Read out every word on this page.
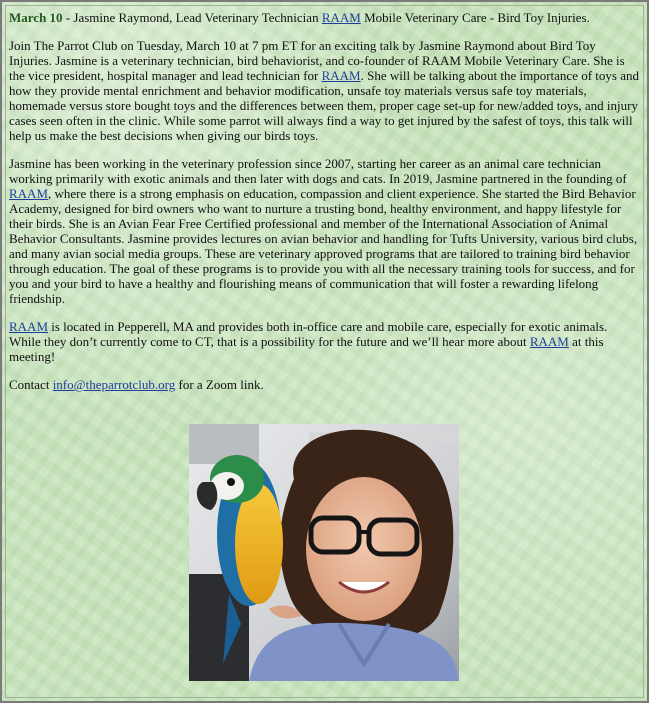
March 10 - Jasmine Raymond, Lead Veterinary Technician RAAM Mobile Veterinary Care - Bird Toy Injuries.

Join The Parrot Club on Tuesday, March 10 at 7 pm ET for an exciting talk by Jasmine Raymond about Bird Toy Injuries. Jasmine is a veterinary technician, bird behaviorist, and co-founder of RAAM Mobile Veterinary Care. She is the vice president, hospital manager and lead technician for RAAM. She will be talking about the importance of toys and how they provide mental enrichment and behavior modification, unsafe toy materials versus safe toy materials, homemade versus store bought toys and the differences between them, proper cage set-up for new/added toys, and injury cases seen often in the clinic. While some parrot will always find a way to get injured by the safest of toys, this talk will help us make the best decisions when giving our birds toys.

Jasmine has been working in the veterinary profession since 2007, starting her career as an animal care technician working primarily with exotic animals and then later with dogs and cats. In 2019, Jasmine partnered in the founding of RAAM, where there is a strong emphasis on education, compassion and client experience. She started the Bird Behavior Academy, designed for bird owners who want to nurture a trusting bond, healthy environment, and happy lifestyle for their birds. She is an Avian Fear Free Certified professional and member of the International Association of Animal Behavior Consultants. Jasmine provides lectures on avian behavior and handling for Tufts University, various bird clubs, and many avian social media groups. These are veterinary approved programs that are tailored to training bird behavior through education. The goal of these programs is to provide you with all the necessary training tools for success, and for you and your bird to have a healthy and flourishing means of communication that will foster a rewarding lifelong friendship.

RAAM is located in Pepperell, MA and provides both in-office care and mobile care, especially for exotic animals. While they don’t currently come to CT, that is a possibility for the future and we’ll hear more about RAAM at this meeting!

Contact info@theparrotclub.org for a Zoom link.
